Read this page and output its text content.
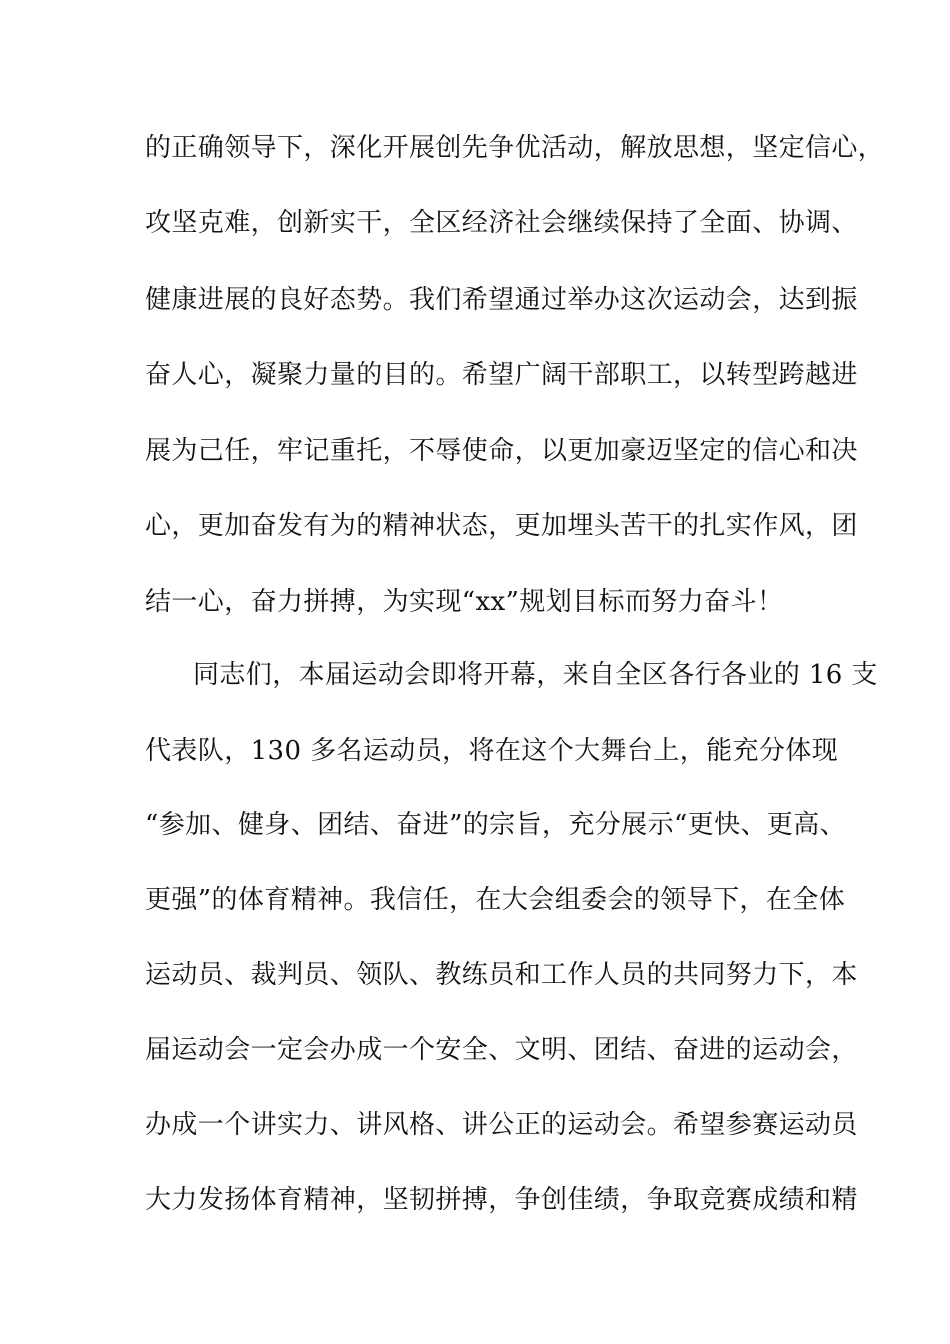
的正确领导下，深化开展创先争优活动，解放思想，坚定信心，
攻坚克难，创新实干，全区经济社会继续保持了全面、协调、
健康进展的良好态势。我们希望通过举办这次运动会，达到振
奋人心，凝聚力量的目的。希望广阔干部职工，以转型跨越进
展为己任，牢记重托，不辱使命，以更加豪迈坚定的信心和决
心，更加奋发有为的精神状态，更加埋头苦干的扎实作风，团
结一心，奋力拼搏，为实现“xx”规划目标而努力奋斗！
同志们，本届运动会即将开幕，来自全区各行各业的 16 支
代表队，130 多名运动员，将在这个大舞台上，能充分体现
“参加、健身、团结、奋进”的宗旨，充分展示“更快、更高、
更强”的体育精神。我信任，在大会组委会的领导下，在全体
运动员、裁判员、领队、教练员和工作人员的共同努力下，本
届运动会一定会办成一个安全、文明、团结、奋进的运动会，
办成一个讲实力、讲风格、讲公正的运动会。希望参赛运动员
大力发扬体育精神，坚韧拼搏，争创佳绩，争取竞赛成绩和精
